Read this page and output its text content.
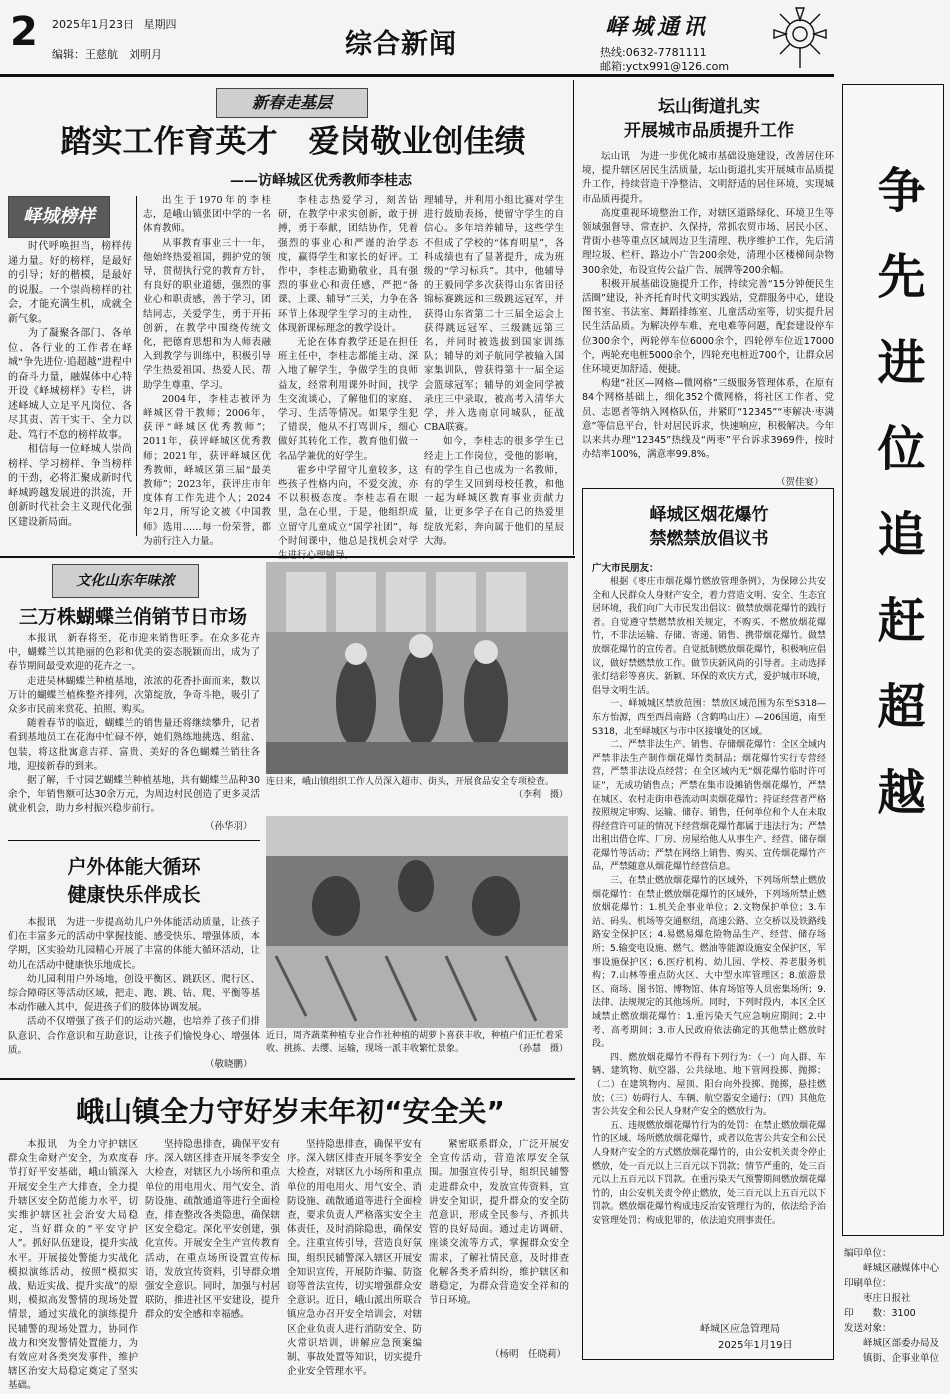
2 2025年1月23日 星期四
编辑：王慈航　刘明月	综合新闻
峄城通讯
热线:0632-7781111
邮箱:yctx991@126.com
新春走基层
踏实工作育英才　爱岗敬业创佳绩
——访峄城区优秀教师李桂志
峄城榜样

时代呼唤担当，榜样传递力量。好的榜样，是最好的引导；好的楷模，是最好的说服。一个崇尚榜样的社会，才能充满生机，成就全新气象。

为了凝聚各部门、各单位、各行业的工作者在峄城“争先进位·追超越”进程中的奋斗力量，融媒体中心特开设《峄城榜样》专栏，讲述峄城人立足平凡岗位、各尽其责、苦干实干、全力以赴、笃行不怠的榜样故事。

相信每一位峄城人崇尚榜样、学习榜样、争当榜样的干劲，必将汇聚成新时代峄城跨越发展进的洪流，开创新时代社会主义现代化强区建设新局面。

出生于1970年的李桂志，是峨山镇张团中学的一名体育教师。

从事教育事业三十一年，他始终热爱祖国，拥护党的领导，贯彻执行党的教育方针，有良好的职业道德，强烈的事业心和职责感，善于学习，团结同志，关爱学生，勇于开拓创新，在教学中围绕传统文化，把德育思想和为人师表融入到教学与训练中，积极引导学生热爱祖国、热爱人民、帮助学生尊重、学习。

2004年，李桂志被评为峄城区骨干教师；2006年，获评“峄城区优秀教师”；2011年，获评峄城区优秀教师；2021年，获评峄城区优秀教师，峄城区第三届“最美教师”；2023年，获评庄市年度体育工作先进个人；2024年2月，所写论文被《中国教师》选用……每一份荣誉，都为前行注入力量。

李桂志热爱学习，刻苦钻研，在教学中求实创新，敢于拼搏，勇于奉献，团结协作，凭着强烈的事业心和严谨的治学态度，赢得学生和家长的好评。工作中，李桂志勤勤敬业，具有强烈的事业心和责任感，严把“备课、上课、辅导”三关，力争在各环节上体现学生学习的主动性，体现新课标理念的教学设计。

无论在体育教学还是在担任班主任中，李桂志都能主动、深入地了解学生，争做学生的良师益友，经常利用课外时间，找学生交流谈心，了解他们的家庭、学习、生活等情况。如果学生犯了错误，他从不打骂训斥，细心做好其转化工作，教育他们做一名品学兼优的好学生。

霍乡中学留守儿童较多，这些孩子性格内向，不爱交流，亦不以积极态度。李桂志看在眼里，急在心里，于是，他组织成立留守儿童成立“国学社团”，每个时间课中，他总是找机会对学

理辅导，并利用小组比赛对学生进行鼓励表扬，使留守学生的自信心。多年培养辅导，这些学生不但成了学校的“体育明星”，各科成绩也有了显著提升，成为班级的“学习标兵”。其中，他辅导的王毅同学多次获得山东省田径锦标赛跳远和三级跳远冠军，并获得山东省第二十三届全运会上获得跳远冠军、三级跳远第三名，并同时被选拔到国家训练队；辅导的刘子航同学被输入国家集训队，曾获得第十一届全运会篮球冠军；辅导的刘金同学被录庄三中录取，被高考入清华大学，并入选南京同城队，征战CBA联赛。

如今，李桂志的很多学生已经走上工作岗位，受他的影响，有的学生自己也成为一名教师，有的学生又回到母校任教，和他一起为峄城区教育事业贡献力量，让更多学子在自己的热爱里绽放光彩，奔向属于他们的星辰大海。

坛山街道扎实
开展城市品质提升工作

坛山讯　为进一步优化城市基础设施建设，改善居住环境，提升辖区居民生活质量，坛山街道扎实开展城市品质提升工作，持续营造干净整洁、文明舒适的居住环境，实现城市品质再提升。

高度重视环境整治工作，对辖区道路绿化、环境卫生等领域强督导、常查护、久保持，常抓农贸市场、居民小区、背街小巷等重点区域周边卫生清理、秩序维护工作，先后清理垃圾、栏杆、路边小广告200余处，清理小区楼梯间杂物300余处，布设宣传公益广告、展牌等200余幅。

积极开展基础设施提升工作，持续完善“15分钟便民生活圈”建设，补齐托育时代文明实践站，党群服务中心，建设图书室、书法室、舞蹈排练室、儿童活动室等，切实提升居民生活品质。为解决停车难、充电难等问题，配套建设停车位300余个，两轮停车位6000余个，四轮停车位近17000个，两轮充电桩5000余个，四轮充电桩近700个，让群众居住环境更加舒适、便捷。

构建“社区—网格—微网格”三级服务管理体系，在原有84个网格基础上，细化352个微网格，将社区工作者、党员、志愿者等纳入网格队伍，并紧盯“12345”“枣解决·枣满意”等信息平台，针对居民诉求，快速响应，积极解决。今年以来共办理“12345”热线及“两枣”平台诉求3969件，按时办结率100%，满意率99.8%。

（贺佳宴） 争先进位追赶超越
文化山东年味浓
三万株蝴蝶兰俏销节日市场

本报讯　新春将至，花市迎来销售旺季。在众多花卉中，蝴蝶兰以其艳丽的色彩和优美的姿态脱颖而出，成为了春节期间最受欢迎的花卉之一。

走进吴林蝴蝶兰种植基地，浓浓的花香扑面而来，数以万计的蝴蝶兰植株整齐排列，次第绽放，争奇斗艳，吸引了众多市民前来赏花、拍照、购买。

随着春节的临近，蝴蝶兰的销售量还将继续攀升，记者看到基地员工在花海中忙碌不停，她们熟练地挑选、组盆、包装，将这批寓意吉祥、富贵、美好的各色蝴蝶兰销往各地，迎接新春的到来。

据了解，千寸园艺蝴蝶兰种植基地，共有蝴蝶兰品种30余个，年销售额可达30余万元，为周边村民创造了更多灵活就业机会，助力乡村振兴稳步前行。

（孙华羽）
户外体能大循环
健康快乐伴成长

本报讯　为进一步提高幼儿户外体能活动质量，让孩子们在丰富多元的活动中掌握技能、感受快乐、增强体质，本学期，区实验幼儿园精心开展了丰富的体能大循环活动，让幼儿在活动中健康快乐地成长。

幼儿园利用户外场地，创设平衡区、跳跃区、爬行区、综合障碍区等活动区域，把走、跑、跳、钻、爬、平衡等基本动作融入其中，促进孩子们的肢体协调发展。

活动不仅增强了孩子们的运动兴趣，也培养了孩子们排队意识、合作意识和互助意识，让孩子们愉悦身心、增强体质。

（敬晓鹏）
连日来，峨山镇组织工作人员深入超市、街头，开展食品安全专项检查。
（李利　摄）
近日，周齐蔬菜种植专业合作社种植的胡萝卜喜获丰收，种植户们正忙着采收、挑拣、去缨、运输，现场一派丰收繁忙景象。	（孙慧　摄）
峨山镇全力守好岁末年初“安全关”

本报讯　为全力守护辖区群众生命财产安全，为欢度春节打好平安基础，峨山镇深入开展安全生产大排查，全力提升辖区安全防范能力水平，切实维护辖区社会治安大局稳定，当好群众的“平安守护人”。抓好队伍建设，提升实战水平。开展接处警能力实战化模拟演练活动，按照“模拟实战、贴近实战、提升实战”的原则，模拟高发警情的现场处置情景，通过实战化的演练提升民辅警的现场处置力，协同作战力和突发警情处置能力，为有效应对各类突发事件，维护辖区治安大局稳定奠定了坚实基础。

坚持隐患排查，确保平安有序。深入辖区排查开展冬季安全大检查，对辖区九小场所和重点单位的用电用火、用气安全、消防设施、疏散通道等进行全面检查，排查整改各类隐患，确保辖区安全稳定。深化平安创建，强化宣传。开展安全生产宣传教育活动，在重点场所设置宣传标语，发放宣传资料，引导群众增强安全意识。同时，加强与村居联防，推进社区平安建设，提升群众的安全感和幸福感。

坚持隐患排查，确保平安有序。深入辖区排查开展冬季安全大检查，对辖区九小场所和重点单位的用电用火、用气安全、消防设施、疏散通道等进行全面检查，要求负责人严格落实安全主体责任，及时消除隐患，确保安全。注重宣传引导，营造良好氛围，组织民辅警深入辖区开展安全知识宣传，开展防诈骗、防盗窃等普法宣传，切实增强群众安全意识。近日，峨山派出所联合镇应急办召开安全培训会，对辖区企业负责人进行消防安全、防火常识培训，讲解应急预案编制、事故处置等知识，切实提升企业安全管理水平。

紧密联系群众，广泛开展安全宣传活动，营造浓厚安全氛围。加强宣传引导，组织民辅警走进群众中，发放宣传资料，宣讲安全知识，提升群众的安全防范意识，形成全民参与、齐抓共管的良好局面。通过走访调研、座谈交流等方式，掌握群众安全需求，了解社情民意，及时排查化解各类矛盾纠纷，维护辖区和谐稳定，为群众营造安全祥和的节日环境。

（杨明　任晓莉）
峄城区烟花爆竹
禁燃禁放倡议书
广大市民朋友：

根据《枣庄市烟花爆竹燃放管理条例》，为保障公共安全和人民群众人身财产安全，着力营造文明、安全、生态宜居环境，我们向广大市民发出倡议：做禁放烟花爆竹的践行者。自觉遵守禁燃禁放相关规定，不购买、不燃放烟花爆竹，不非法运输、存储、寄递、销售、携带烟花爆竹。做禁放烟花爆竹的宣传者。自觉抵制燃放烟花爆竹，积极响应倡议，做好禁燃禁放工作。做节庆新风尚的引导者。主动选择张灯结彩等喜庆、新颖、环保的欢庆方式，爱护城市环境，倡导文明生活。

一、峄城城区禁放范围：禁放区域范围为东至S318—东方怡源，西至西昌南路（含鹤鸣山庄）—206国道，南至S318，北至峄城区与市中区接壤处的区域。

二、严禁非法生产、销售、存储烟花爆竹：全区全域内严禁非法生产制作烟花爆竹类制品；烟花爆竹实行专营经营，严禁非法设点经营；在全区域内无“烟花爆竹临时许可证”，无成功销售点；严禁在集市设摊销售烟花爆竹，严禁在城区、农村走街串巷流动叫卖烟花爆竹；持证经营者严格按照规定审购、运输、储存、销售，任何单位和个人在未取得经营许可证的情况下经营烟花爆竹都属于违法行为；严禁出租出借仓库、厂房、房屋给他人从事生产、经营、储存烟花爆竹等活动；严禁在网络上销售、购买、宣传烟花爆竹产品，严禁随意从烟花爆竹经营信息。

三、在禁止燃放烟花爆竹的区域外，下列场所禁止燃放烟花爆竹：在禁止燃放烟花爆竹的区域外，下列场所禁止燃放烟花爆竹：1.机关企事业单位；2.文物保护单位；3.车站、码头、机场等交通枢纽，高速公路、立交桥以及铁路线路安全保护区；4.易燃易爆危险物品生产、经营、储存场所；5.输变电设施、燃气、燃油等能源设施安全保护区，军事设施保护区；6.医疗机构、幼儿园、学校、养老服务机构；7.山林等重点防火区、大中型水库管理区；8.旅游景区、商场、图书馆、博物馆、体育场馆等人员密集场所；9.法律、法规规定的其他场所。同时，下列时段内，本区全区域禁止燃放烟花爆竹：1.重污染天气应急响应期间；2.中考、高考期间；3.市人民政府依法确定的其他禁止燃放时段。

四、燃放烟花爆竹不得有下列行为：（一）向人群、车辆、建筑物、航空器、公共绿地、地下管网投掷、抛掷；（二）在建筑物内、屋顶、阳台向外投掷、抛掷，悬挂燃放；（三）妨碍行人、车辆、航空器安全通行；（四）其他危害公共安全和公民人身财产安全的燃放行为。

五、违规燃放烟花爆竹行为的处罚：在禁止燃放烟花爆竹的区域、场所燃放烟花爆竹，或者以危害公共安全和公民人身财产安全的方式燃放烟花爆竹的，由公安机关责令停止燃放，处一百元以上三百元以下罚款；情节严重的，处三百元以上五百元以下罚款。在重污染天气预警期间燃放烟花爆竹的，由公安机关责令停止燃放，处三百元以上五百元以下罚款。燃放烟花爆竹构成违反治安管理行为的，依法给予治安管理处罚；构成犯罪的，依法追究刑事责任。

峄城区应急管理局
2025年1月19日
编印单位：
　　峄城区融媒体中心
印刷单位：
　　枣庄日报社
印　　数：3100
发送对象：
　　峄城区部委办局及
　　镇街、企事业单位
